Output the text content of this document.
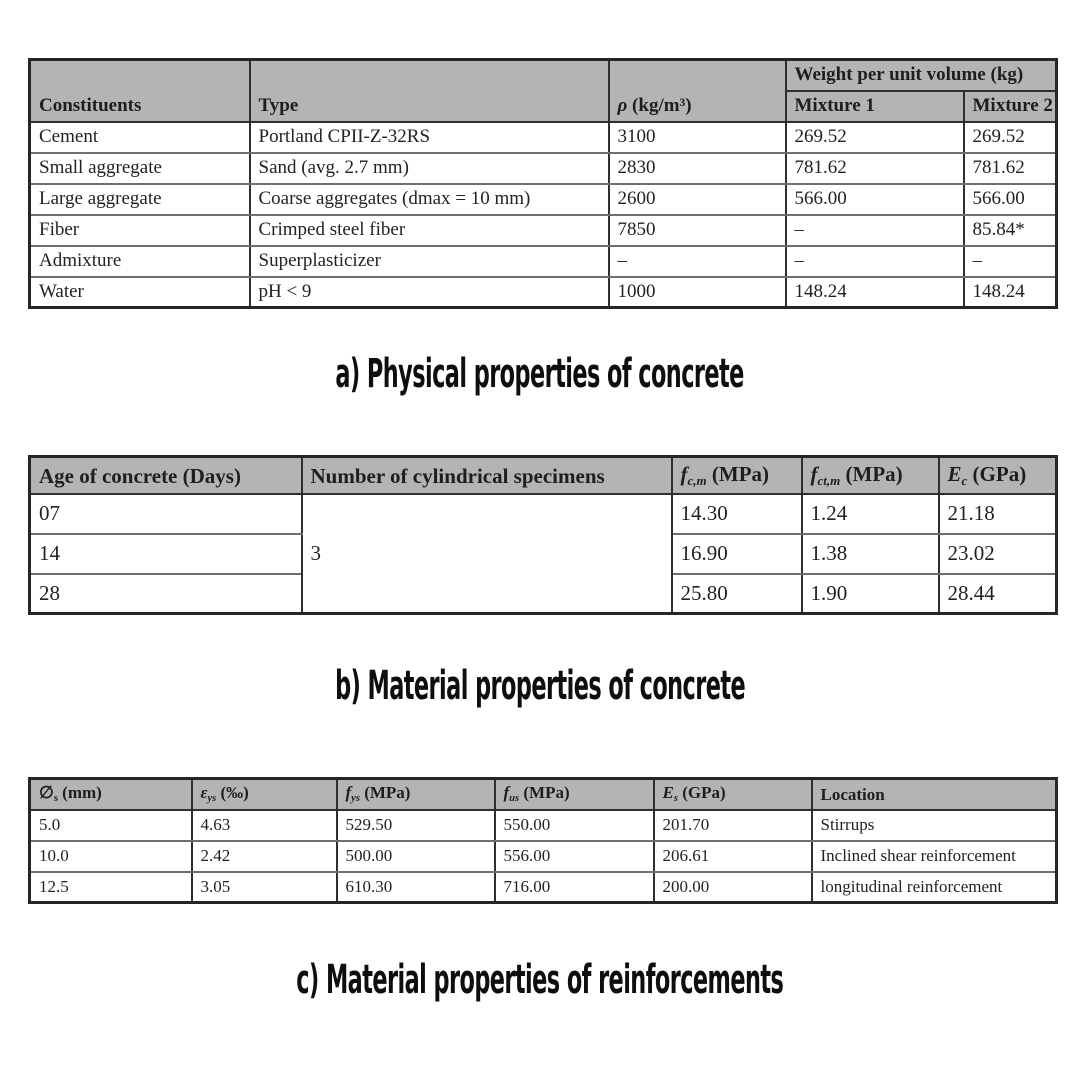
Constituents	Type	ρ (kg/m³)	Weight per unit volume (kg)	
			Mixture 1	Mixture 2
Cement	Portland CPII-Z-32RS	3100	269.52	269.52
Small aggregate	Sand (avg. 2.7 mm)	2830	781.62	781.62
Large aggregate	Coarse aggregates (dmax = 10 mm)	2600	566.00	566.00
Fiber	Crimped steel fiber	7850	–	85.84*
Admixture	Superplasticizer	–	–	–
Water	pH < 9	1000	148.24	148.24
a) Physical properties of concrete
Age of concrete (Days)	Number of cylindrical specimens	fc,m (MPa)	fct,m (MPa)	Ec (GPa)
07	3	14.30	1.24	21.18
14		16.90	1.38	23.02
28		25.80	1.90	28.44
b) Material properties of concrete
∅s (mm)	εys (‰)	fys (MPa)	fus (MPa)	Es (GPa)	Location
5.0	4.63	529.50	550.00	201.70	Stirrups
10.0	2.42	500.00	556.00	206.61	Inclined shear reinforcement
12.5	3.05	610.30	716.00	200.00	longitudinal reinforcement
c) Material properties of reinforcements
